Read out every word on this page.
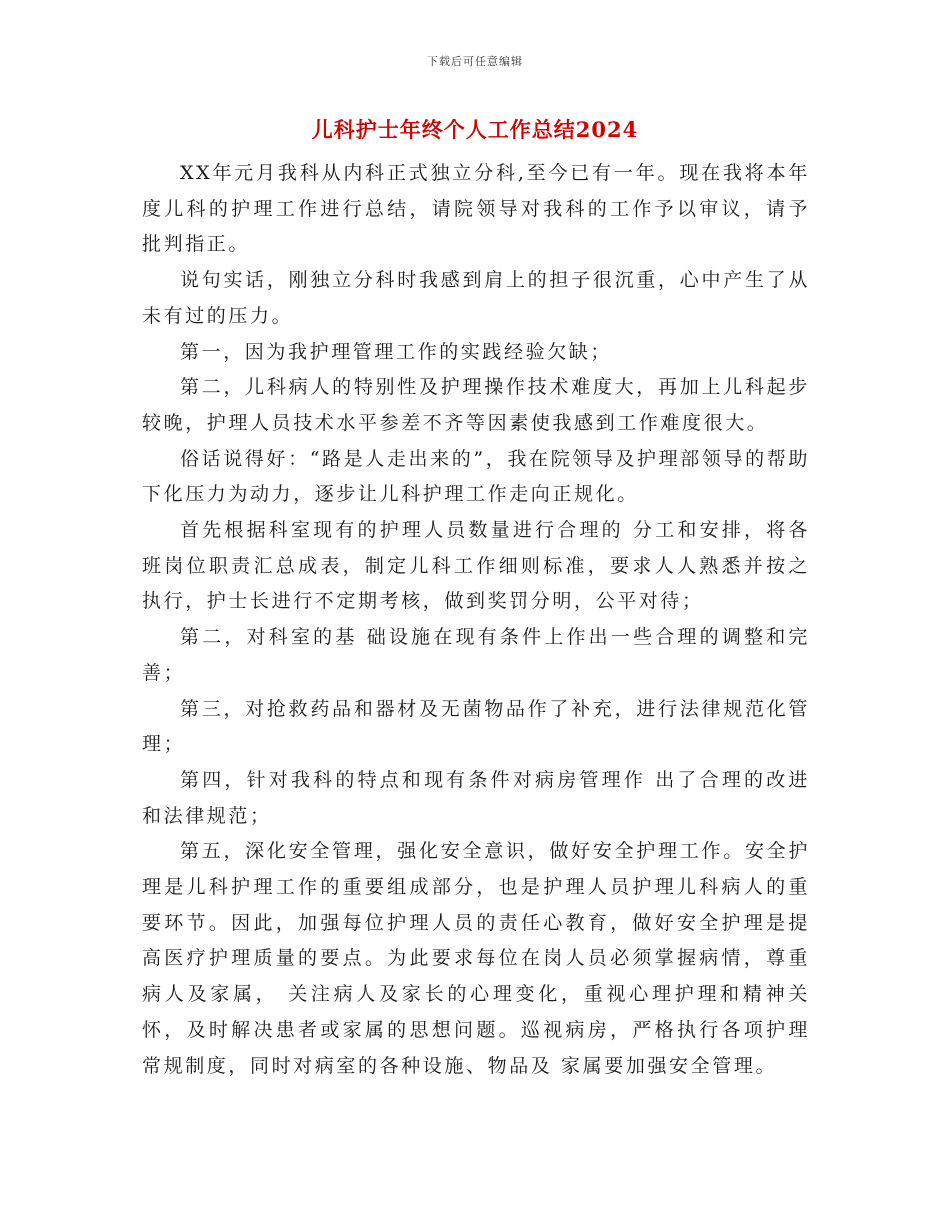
下载后可任意编辑
儿科护士年终个人工作总结2024

XX年元月我科从内科正式独立分科,至今已有一年。现在我将本年度儿科的护理工作进行总结，请院领导对我科的工作予以审议，请予批判指正。

说句实话，刚独立分科时我感到肩上的担子很沉重，心中产生了从未有过的压力。

第一，因为我护理管理工作的实践经验欠缺；

第二，儿科病人的特别性及护理操作技术难度大，再加上儿科起步较晚，护理人员技术水平参差不齐等因素使我感到工作难度很大。

俗话说得好：“路是人走出来的”，我在院领导及护理部领导的帮助下化压力为动力，逐步让儿科护理工作走向正规化。

首先根据科室现有的护理人员数量进行合理的 分工和安排，将各班岗位职责汇总成表，制定儿科工作细则标准，要求人人熟悉并按之执行，护士长进行不定期考核，做到奖罚分明，公平对待；

第二，对科室的基 础设施在现有条件上作出一些合理的调整和完善；

第三，对抢救药品和器材及无菌物品作了补充，进行法律规范化管理；

第四，针对我科的特点和现有条件对病房管理作 出了合理的改进和法律规范；

第五，深化安全管理，强化安全意识，做好安全护理工作。安全护理是儿科护理工作的重要组成部分，也是护理人员护理儿科病人的重要环节。因此，加强每位护理人员的责任心教育，做好安全护理是提高医疗护理质量的要点。为此要求每位在岗人员必须掌握病情，尊重病人及家属， 关注病人及家长的心理变化，重视心理护理和精神关怀，及时解决患者或家属的思想问题。巡视病房，严格执行各项护理常规制度，同时对病室的各种设施、物品及 家属要加强安全管理。
